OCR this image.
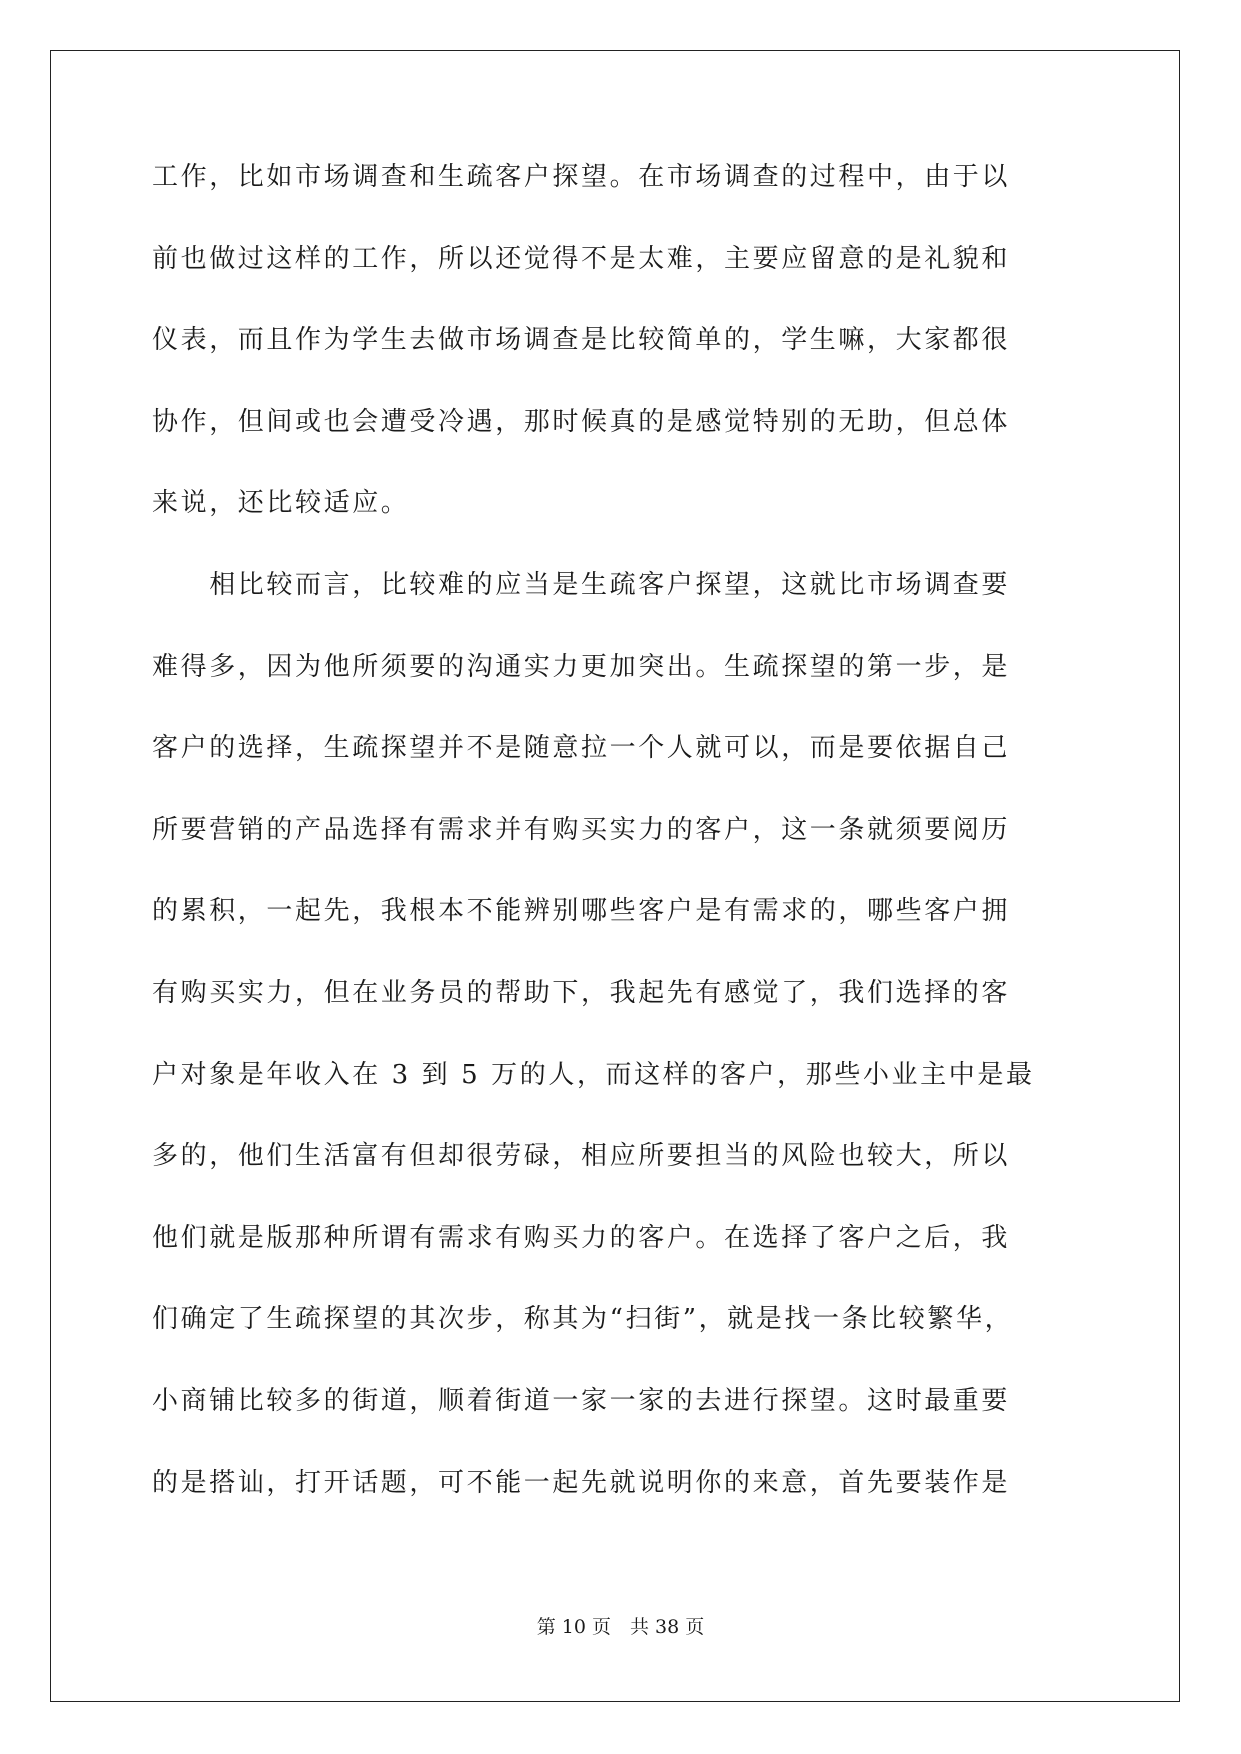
工作，比如市场调查和生疏客户探望。在市场调查的过程中，由于以
前也做过这样的工作，所以还觉得不是太难，主要应留意的是礼貌和
仪表，而且作为学生去做市场调查是比较简单的，学生嘛，大家都很
协作，但间或也会遭受冷遇，那时候真的是感觉特别的无助，但总体
来说，还比较适应。
　　相比较而言，比较难的应当是生疏客户探望，这就比市场调查要
难得多，因为他所须要的沟通实力更加突出。生疏探望的第一步，是
客户的选择，生疏探望并不是随意拉一个人就可以，而是要依据自己
所要营销的产品选择有需求并有购买实力的客户，这一条就须要阅历
的累积，一起先，我根本不能辨别哪些客户是有需求的，哪些客户拥
有购买实力，但在业务员的帮助下，我起先有感觉了，我们选择的客
户对象是年收入在 3 到 5 万的人，而这样的客户，那些小业主中是最
多的，他们生活富有但却很劳碌，相应所要担当的风险也较大，所以
他们就是版那种所谓有需求有购买力的客户。在选择了客户之后，我
们确定了生疏探望的其次步，称其为“扫街”，就是找一条比较繁华，
小商铺比较多的街道，顺着街道一家一家的去进行探望。这时最重要
的是搭讪，打开话题，可不能一起先就说明你的来意，首先要装作是
第 10 页　共 38 页
